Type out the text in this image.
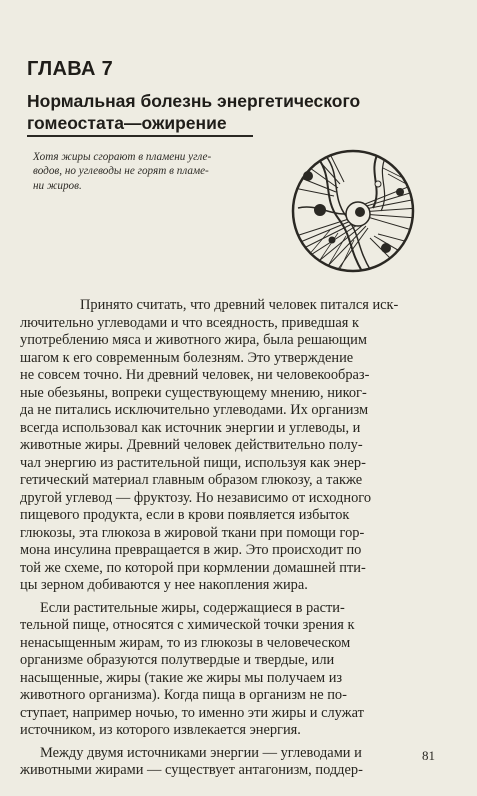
ГЛАВА 7
Нормальная болезнь энергетического
гомеостата—ожирение
Хотя жиры сгорают в пламени угле-
водов, но углеводы не горят в пламе-
ни жиров.

Принято считать, что древний человек питался иск-
лючительно углеводами и что всеядность, приведшая к
употреблению мяса и животного жира, была решающим
шагом к его современным болезням. Это утверждение
не совсем точно. Ни древний человек, ни человекообраз-
ные обезьяны, вопреки существующему мнению, никог-
да не питались исключительно углеводами. Их организм
всегда использовал как источник энергии и углеводы, и
животные жиры. Древний человек действительно полу-
чал энергию из растительной пищи, используя как энер-
гетический материал главным образом глюкозу, а также
другой углевод — фруктозу. Но независимо от исходного
пищевого продукта, если в крови появляется избыток
глюкозы, эта глюкоза в жировой ткани при помощи гор-
мона инсулина превращается в жир. Это происходит по
той же схеме, по которой при кормлении домашней пти-
цы зерном добиваются у нее накопления жира.

Если растительные жиры, содержащиеся в расти-
тельной пище, относятся с химической точки зрения к
ненасыщенным жирам, то из глюкозы в человеческом
организме образуются полутвердые и твердые, или
насыщенные, жиры (такие же жиры мы получаем из
животного организма). Когда пища в организм не по-
ступает, например ночью, то именно эти жиры и служат
источником, из которого извлекается энергия.

Между двумя источниками энергии — углеводами и
животными жирами — существует антагонизм, поддер-

81
